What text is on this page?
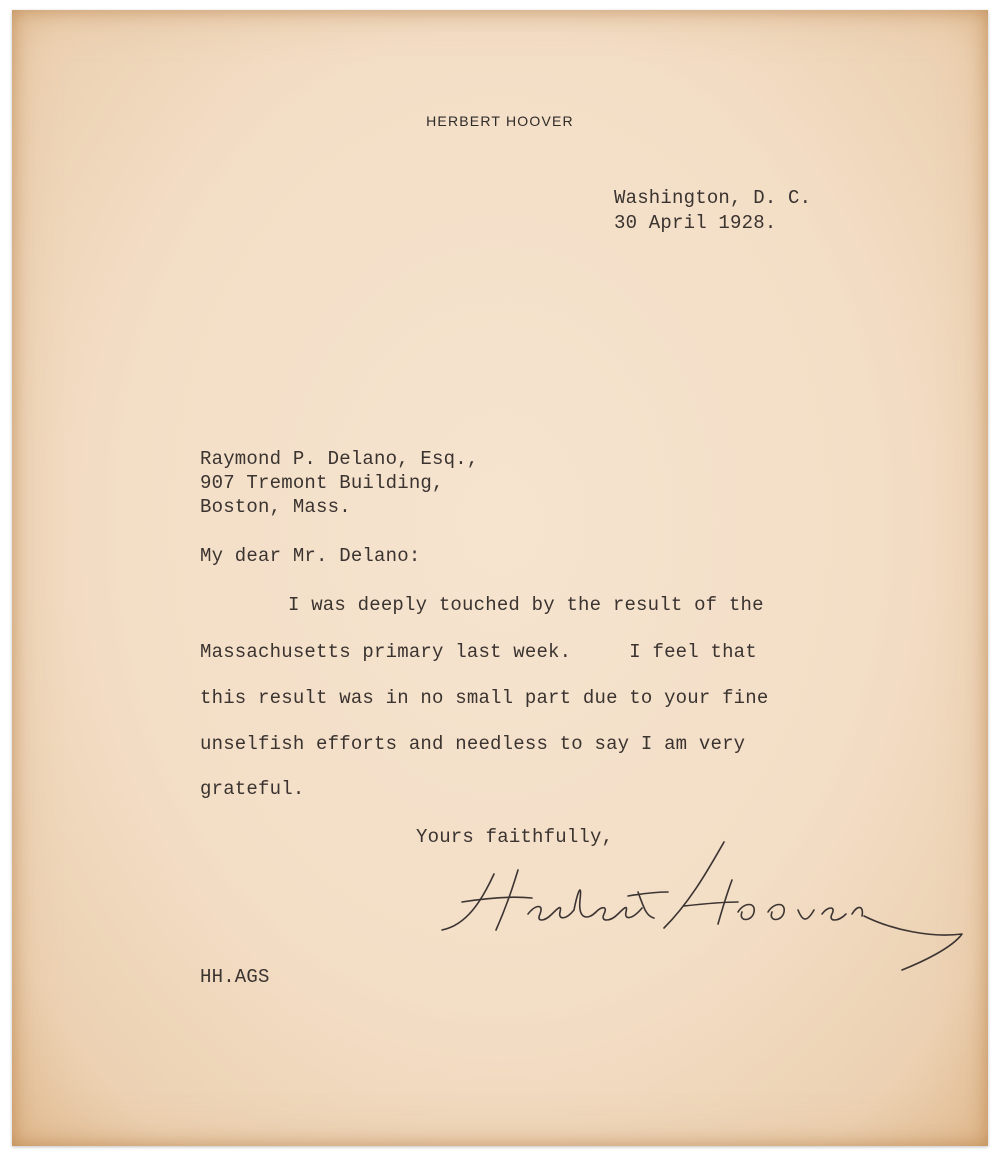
HERBERT HOOVER
Washington, D. C.
30 April 1928.
Raymond P. Delano, Esq.,
907 Tremont Building,
Boston, Mass.
My dear Mr. Delano:
I was deeply touched by the result of the
Massachusetts primary last week.     I feel that
this result was in no small part due to your fine
unselfish efforts and needless to say I am very
grateful.
Yours faithfully,
HH.AGS
